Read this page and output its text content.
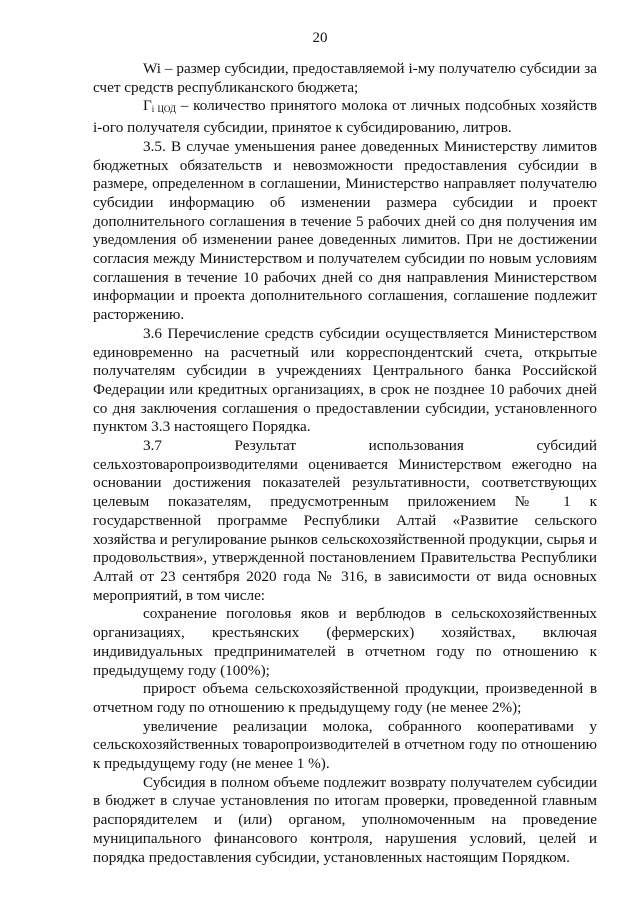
20

Wi – размер субсидии, предоставляемой i-му получателю субсидии за счет средств республиканского бюджета;

$Г_{i ЦОД}$ – количество принятого молока от личных подсобных хозяйств i-ого получателя субсидии, принятое к субсидированию, литров.

3.5. В случае уменьшения ранее доведенных Министерству лимитов бюджетных обязательств и невозможности предоставления субсидии в размере, определенном в соглашении, Министерство направляет получателю субсидии информацию об изменении размера субсидии и проект дополнительного соглашения в течение 5 рабочих дней со дня получения им уведомления об изменении ранее доведенных лимитов. При не достижении согласия между Министерством и получателем субсидии по новым условиям соглашения в течение 10 рабочих дней со дня направления Министерством информации и проекта дополнительного соглашения, соглашение подлежит расторжению.

3.6 Перечисление средств субсидии осуществляется Министерством единовременно на расчетный или корреспондентский счета, открытые получателям субсидии в учреждениях Центрального банка Российской Федерации или кредитных организациях, в срок не позднее 10 рабочих дней со дня заключения соглашения о предоставлении субсидии, установленного пунктом 3.3 настоящего Порядка.

3.7	Результат	использования	субсидий

сельхозтоваропроизводителями оценивается Министерством ежегодно на основании достижения показателей результативности, соответствующих целевым показателям, предусмотренным приложением № 1 к государственной программе Республики Алтай «Развитие сельского хозяйства и регулирование рынков сельскохозяйственной продукции, сырья и продовольствия», утвержденной постановлением Правительства Республики Алтай от 23 сентября 2020 года № 316, в зависимости от вида основных мероприятий, в том числе:

сохранение поголовья яков и верблюдов в сельскохозяйственных организациях, крестьянских (фермерских) хозяйствах, включая индивидуальных предпринимателей в отчетном году по отношению к предыдущему году (100%);

прирост объема сельскохозяйственной продукции, произведенной в отчетном году по отношению к предыдущему году (не менее 2%);

увеличение реализации молока, собранного кооперативами у сельскохозяйственных товаропроизводителей в отчетном году по отношению к предыдущему году (не менее 1 %).

Субсидия в полном объеме подлежит возврату получателем субсидии в бюджет в случае установления по итогам проверки, проведенной главным распорядителем и (или) органом, уполномоченным на проведение муниципального финансового контроля, нарушения условий, целей и порядка предоставления субсидии, установленных настоящим Порядком.
